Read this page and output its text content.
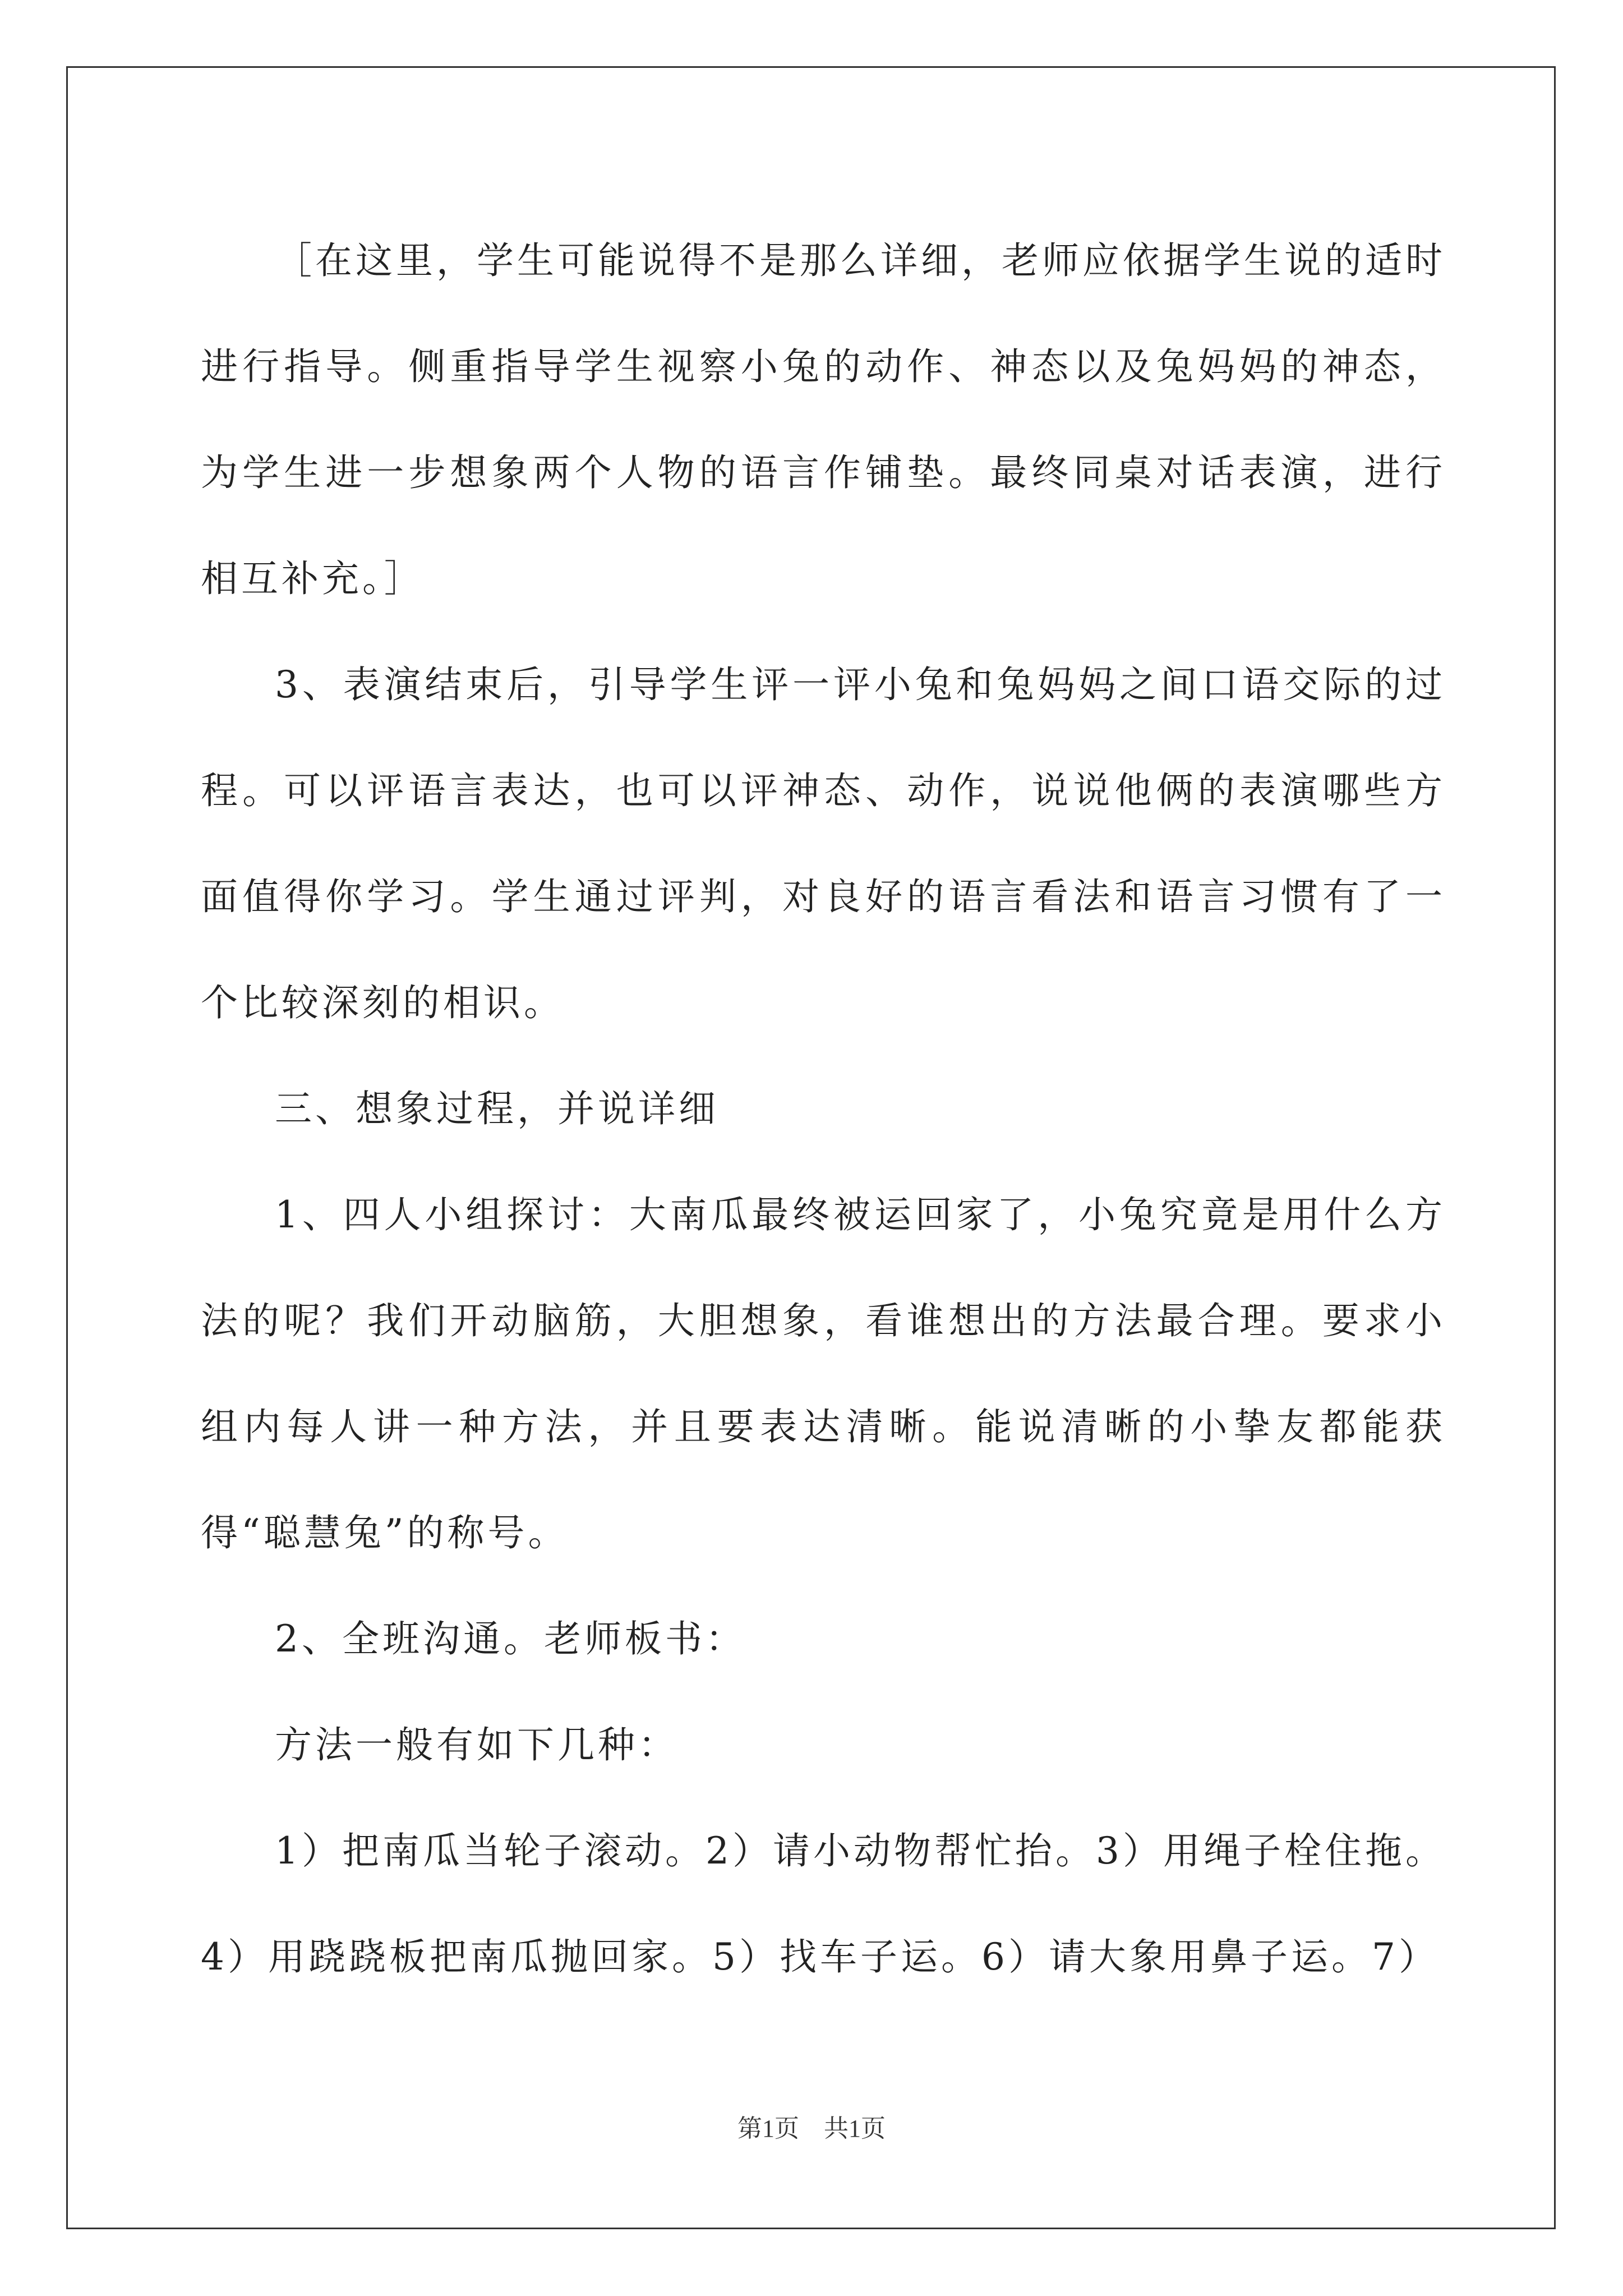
［在这里，学生可能说得不是那么详细，老师应依据学生说的适时进行指导。侧重指导学生视察小兔的动作、神态以及兔妈妈的神态，为学生进一步想象两个人物的语言作铺垫。最终同桌对话表演，进行相互补充。］

3、表演结束后，引导学生评一评小兔和兔妈妈之间口语交际的过程。可以评语言表达，也可以评神态、动作，说说他俩的表演哪些方面值得你学习。学生通过评判，对良好的语言看法和语言习惯有了一个比较深刻的相识。

三、想象过程，并说详细

1、四人小组探讨：大南瓜最终被运回家了，小兔究竟是用什么方法的呢？我们开动脑筋，大胆想象，看谁想出的方法最合理。要求小组内每人讲一种方法，并且要表达清晰。能说清晰的小挚友都能获得“聪慧兔”的称号。

2、全班沟通。老师板书：

方法一般有如下几种：

1）把南瓜当轮子滚动。2）请小动物帮忙抬。3）用绳子栓住拖。4）用跷跷板把南瓜抛回家。5）找车子运。6）请大象用鼻子运。7）

第1页 共1页
